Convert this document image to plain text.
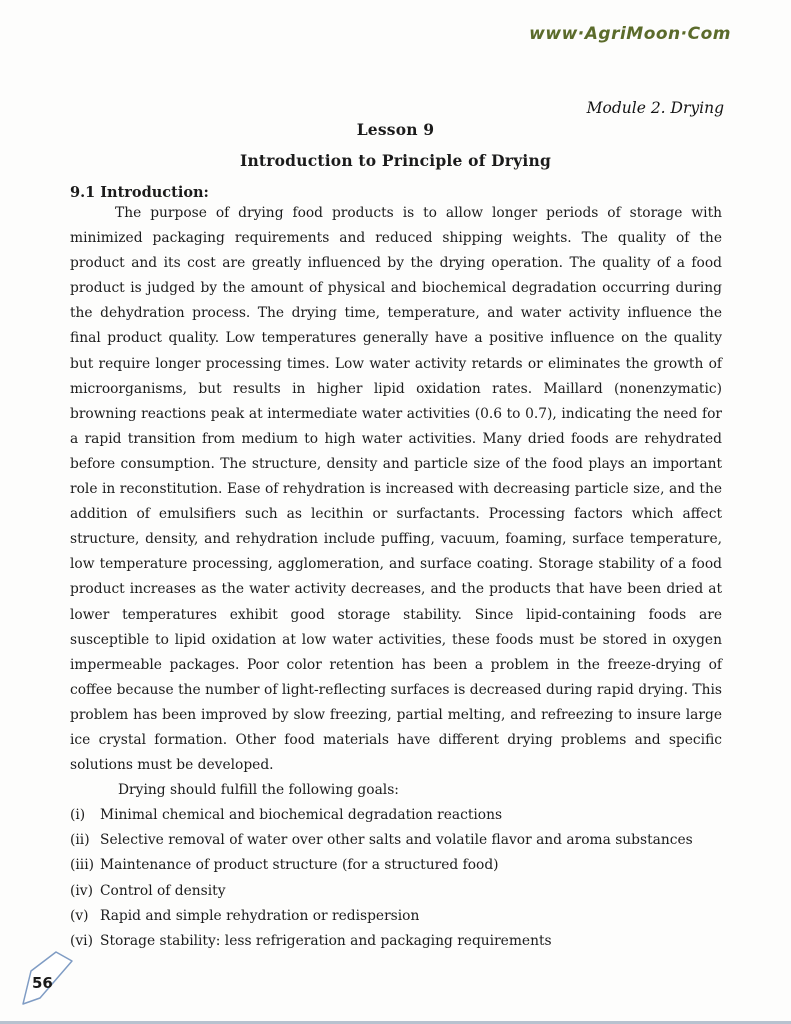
www·AgriMoon·Com
Module 2. Drying
Lesson 9
Introduction to Principle of Drying
9.1 Introduction:

The purpose of drying food products is to allow longer periods of storage with minimized packaging requirements and reduced shipping weights. The quality of the product and its cost are greatly influenced by the drying operation. The quality of a food product is judged by the amount of physical and biochemical degradation occurring during the dehydration process. The drying time, temperature, and water activity influence the final product quality. Low temperatures generally have a positive influence on the quality but require longer processing times. Low water activity retards or eliminates the growth of microorganisms, but results in higher lipid oxidation rates. Maillard (nonenzymatic) browning reactions peak at intermediate water activities (0.6 to 0.7), indicating the need for a rapid transition from medium to high water activities. Many dried foods are rehydrated before consumption. The structure, density and particle size of the food plays an important role in reconstitution. Ease of rehydration is increased with decreasing particle size, and the addition of emulsifiers such as lecithin or surfactants. Processing factors which affect structure, density, and rehydration include puffing, vacuum, foaming, surface temperature, low temperature processing, agglomeration, and surface coating. Storage stability of a food product increases as the water activity decreases, and the products that have been dried at lower temperatures exhibit good storage stability. Since lipid-containing foods are susceptible to lipid oxidation at low water activities, these foods must be stored in oxygen impermeable packages. Poor color retention has been a problem in the freeze-drying of coffee because the number of light-reflecting surfaces is decreased during rapid drying. This problem has been improved by slow freezing, partial melting, and refreezing to insure large ice crystal formation. Other food materials have different drying problems and specific solutions must be developed.

Drying should fulfill the following goals:

(i) Minimal chemical and biochemical degradation reactions
(ii) Selective removal of water over other salts and volatile flavor and aroma substances
(iii) Maintenance of product structure (for a structured food)
(iv) Control of density
(v) Rapid and simple rehydration or redispersion
(vi) Storage stability: less refrigeration and packaging requirements
56
